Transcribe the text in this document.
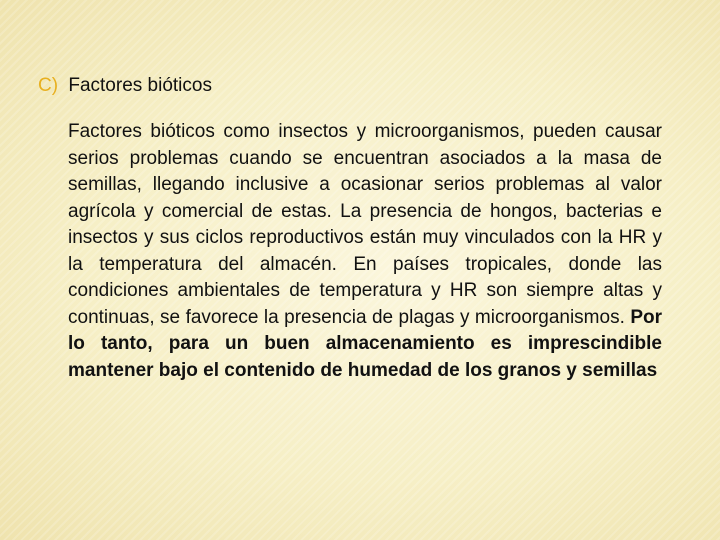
C) Factores bióticos
Factores bióticos como insectos y microorganismos, pueden causar serios problemas cuando se encuentran asociados a la masa de semillas, llegando inclusive a ocasionar serios problemas al valor agrícola y comercial de estas. La presencia de hongos, bacterias e insectos y sus ciclos reproductivos están muy vinculados con la HR y la temperatura del almacén. En países tropicales, donde las condiciones ambientales de temperatura y HR son siempre altas y continuas, se favorece la presencia de plagas y microorganismos. Por lo tanto, para un buen almacenamiento es imprescindible mantener bajo el contenido de humedad de los granos y semillas
